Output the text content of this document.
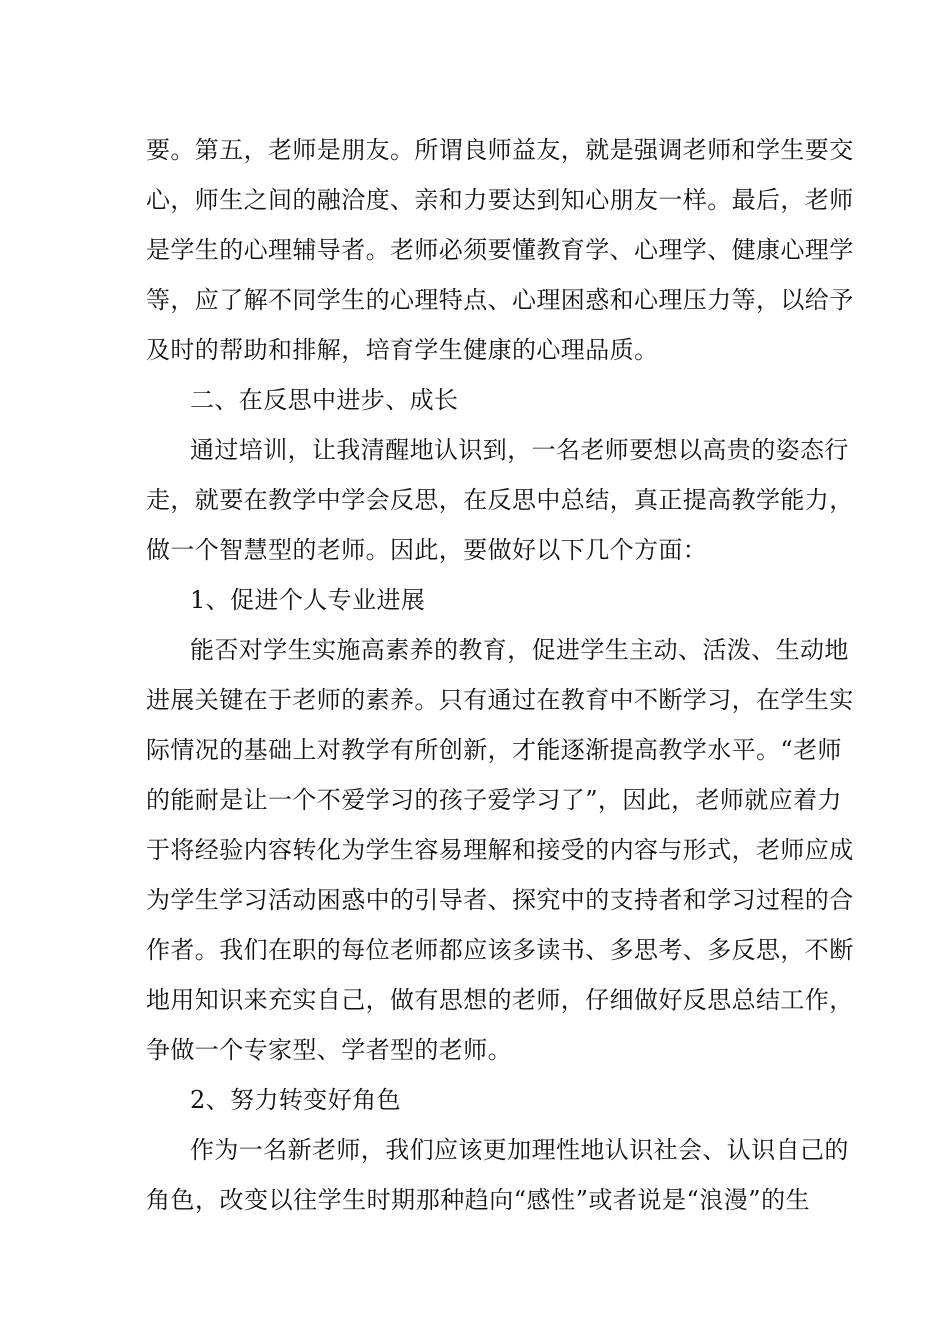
要。第五，老师是朋友。所谓良师益友，就是强调老师和学生要交
心，师生之间的融洽度、亲和力要达到知心朋友一样。最后，老师
是学生的心理辅导者。老师必须要懂教育学、心理学、健康心理学
等，应了解不同学生的心理特点、心理困惑和心理压力等，以给予
及时的帮助和排解，培育学生健康的心理品质。
二、在反思中进步、成长
通过培训，让我清醒地认识到，一名老师要想以高贵的姿态行
走，就要在教学中学会反思，在反思中总结，真正提高教学能力，
做一个智慧型的老师。因此，要做好以下几个方面：
1、促进个人专业进展
能否对学生实施高素养的教育，促进学生主动、活泼、生动地
进展关键在于老师的素养。只有通过在教育中不断学习，在学生实
际情况的基础上对教学有所创新，才能逐渐提高教学水平。“老师
的能耐是让一个不爱学习的孩子爱学习了”，因此，老师就应着力
于将经验内容转化为学生容易理解和接受的内容与形式，老师应成
为学生学习活动困惑中的引导者、探究中的支持者和学习过程的合
作者。我们在职的每位老师都应该多读书、多思考、多反思，不断
地用知识来充实自己，做有思想的老师，仔细做好反思总结工作，
争做一个专家型、学者型的老师。
2、努力转变好角色
作为一名新老师，我们应该更加理性地认识社会、认识自己的
角色，改变以往学生时期那种趋向“感性”或者说是“浪漫”的生
